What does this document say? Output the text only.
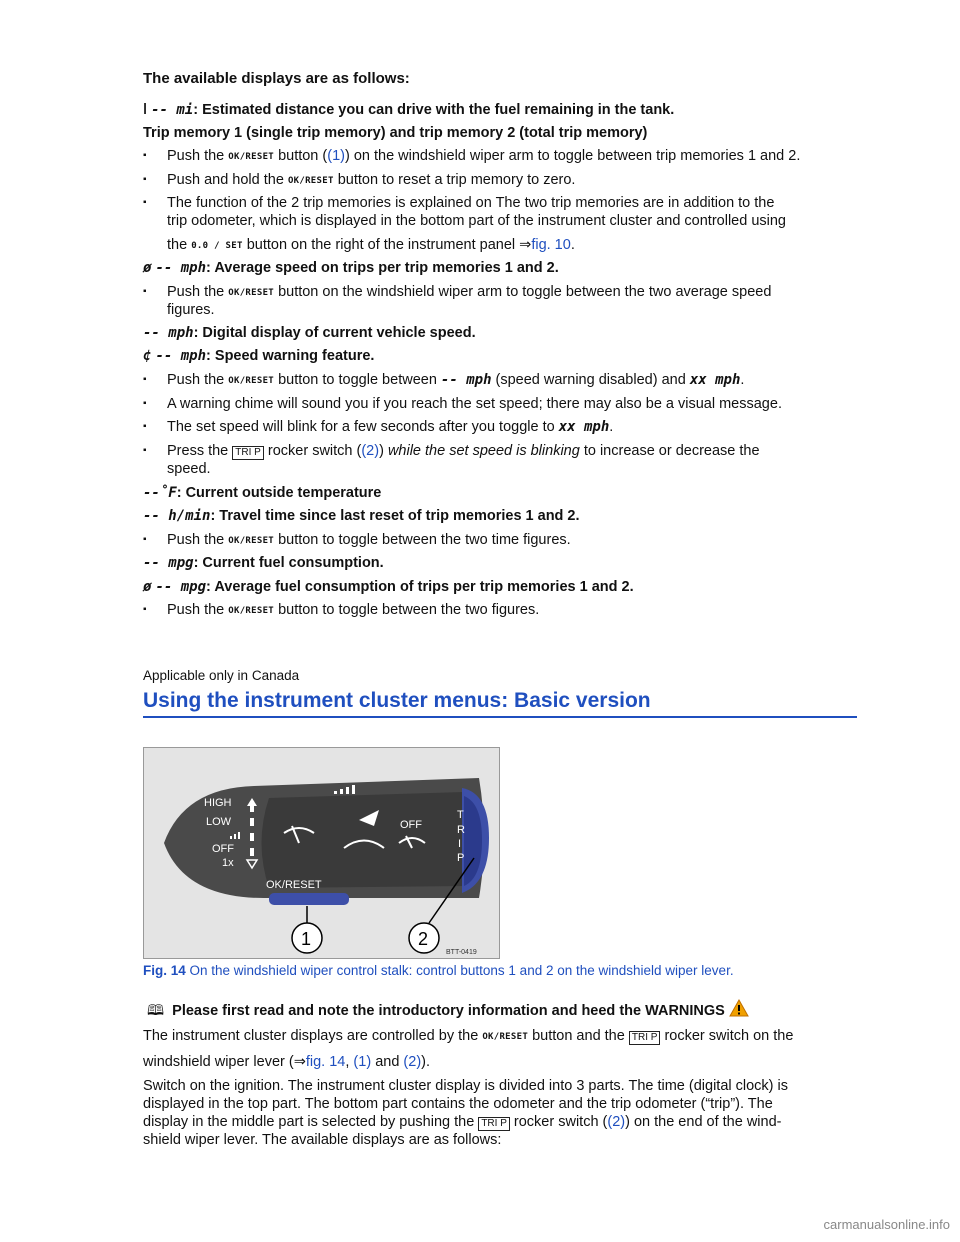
The available displays are as follows:
ǀ -- mi: Estimated distance you can drive with the fuel remaining in the tank.
Trip memory 1 (single trip memory) and trip memory 2 (total trip memory)
▪ Push the OK/RESET button ((1)) on the windshield wiper arm to toggle between trip memories 1 and 2.
▪ Push and hold the OK/RESET button to reset a trip memory to zero.
▪ The function of the 2 trip memories is explained on The two trip memories are in addition to the
trip odometer, which is displayed in the bottom part of the instrument cluster and controlled using
the 0.0 / SET button on the right of the instrument panel ⇒fig. 10.
ø -- mph: Average speed on trips per trip memories 1 and 2.
▪ Push the OK/RESET button on the windshield wiper arm to toggle between the two average speed
figures.
-- mph: Digital display of current vehicle speed.
¢ -- mph: Speed warning feature.
▪ Push the OK/RESET button to toggle between -- mph (speed warning disabled) and xx mph.
▪ A warning chime will sound you if you reach the set speed; there may also be a visual message.
▪ The set speed will blink for a few seconds after you toggle to xx mph.
▪ Press the TRI P rocker switch ((2)) while the set speed is blinking to increase or decrease the
speed.
--˚F: Current outside temperature
-- h/min: Travel time since last reset of trip memories 1 and 2.
▪ Push the OK/RESET button to toggle between the two time figures.
-- mpg: Current fuel consumption.
ø -- mpg: Average fuel consumption of trips per trip memories 1 and 2.
▪ Push the OK/RESET button to toggle between the two figures.
Applicable only in Canada
Using the instrument cluster menus: Basic version
HIGH
LOW
OFF
1x
OFF
T
R
I
P
OK/RESET
1	2
BTT-0419
Fig. 14 On the windshield wiper control stalk: control buttons 1 and 2 on the windshield wiper lever.
🕮 Please first read and note the introductory information and heed the WARNINGS
The instrument cluster displays are controlled by the OK/RESET button and the TRI P rocker switch on the
windshield wiper lever (⇒fig. 14, (1) and (2)).
Switch on the ignition. The instrument cluster display is divided into 3 parts. The time (digital clock) is
displayed in the top part. The bottom part contains the odometer and the trip odometer (“trip”). The
display in the middle part is selected by pushing the TRI P rocker switch ((2)) on the end of the wind-
shield wiper lever. The available displays are as follows:
carmanualsonline.info
